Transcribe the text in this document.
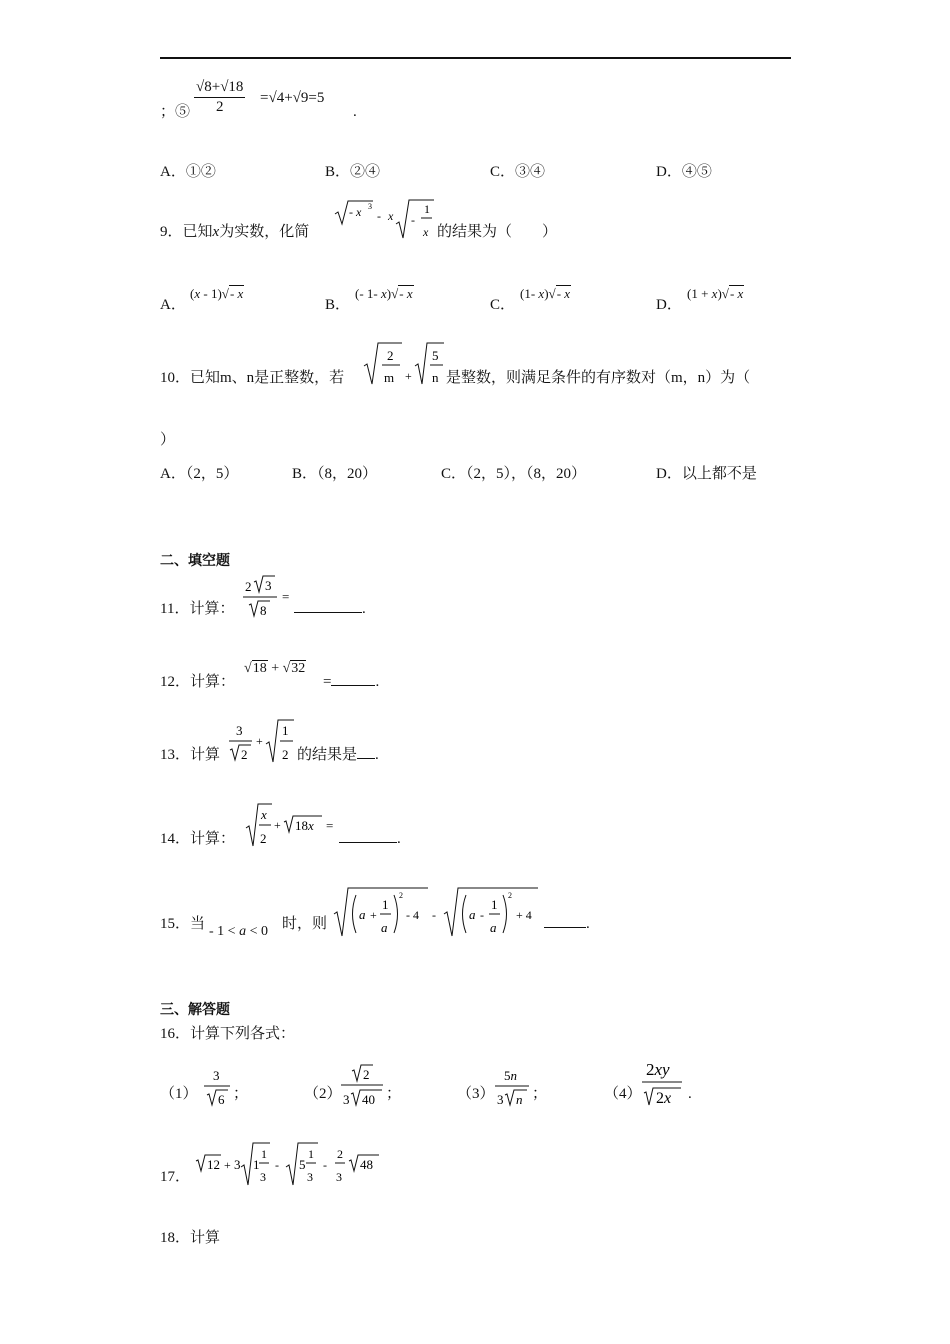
；⑤ $\frac{√8+√18}{2} =√4+√9=5$
.
A．①②	B．②④	C．③④	D．④⑤
9．已知x为实数，化简
- x 3
- x -
1
x 的结果为（　　）
A．
(x - 1) √ - x
B．
(- 1- x) √ - x
C．
(1- x) √ - x
D．
(1 + x) √ - x
10．已知m、n是正整数，若
2
m +
5
n 是整数，则满足条件的有序数对（m，n）为（
）
A．（2，5）	B．（8，20）	C．（2，5），（8，20）	D．以上都不是
二、填空题
11．计算：
2 3
8
=
.
12．计算：
√18 + √32
=	.
13．计算
3
2
+
1
2 的结果是 .
14．计算：
x
2
+ 18x =
.
15．当 - 1 < a < 0 时，则
a +
1
a
2
- 4 -	a -
1
a
2
+ 4
.
三、解答题
16．计算下列各式：
（1）
3
6 ；	（2）
2
3 40 ；	（3）
5n
3 n ；	（4）
2xy
2x .
17．
12 + 3 1
1
3
- 5
1
3
-
2
3
48
18．计算
